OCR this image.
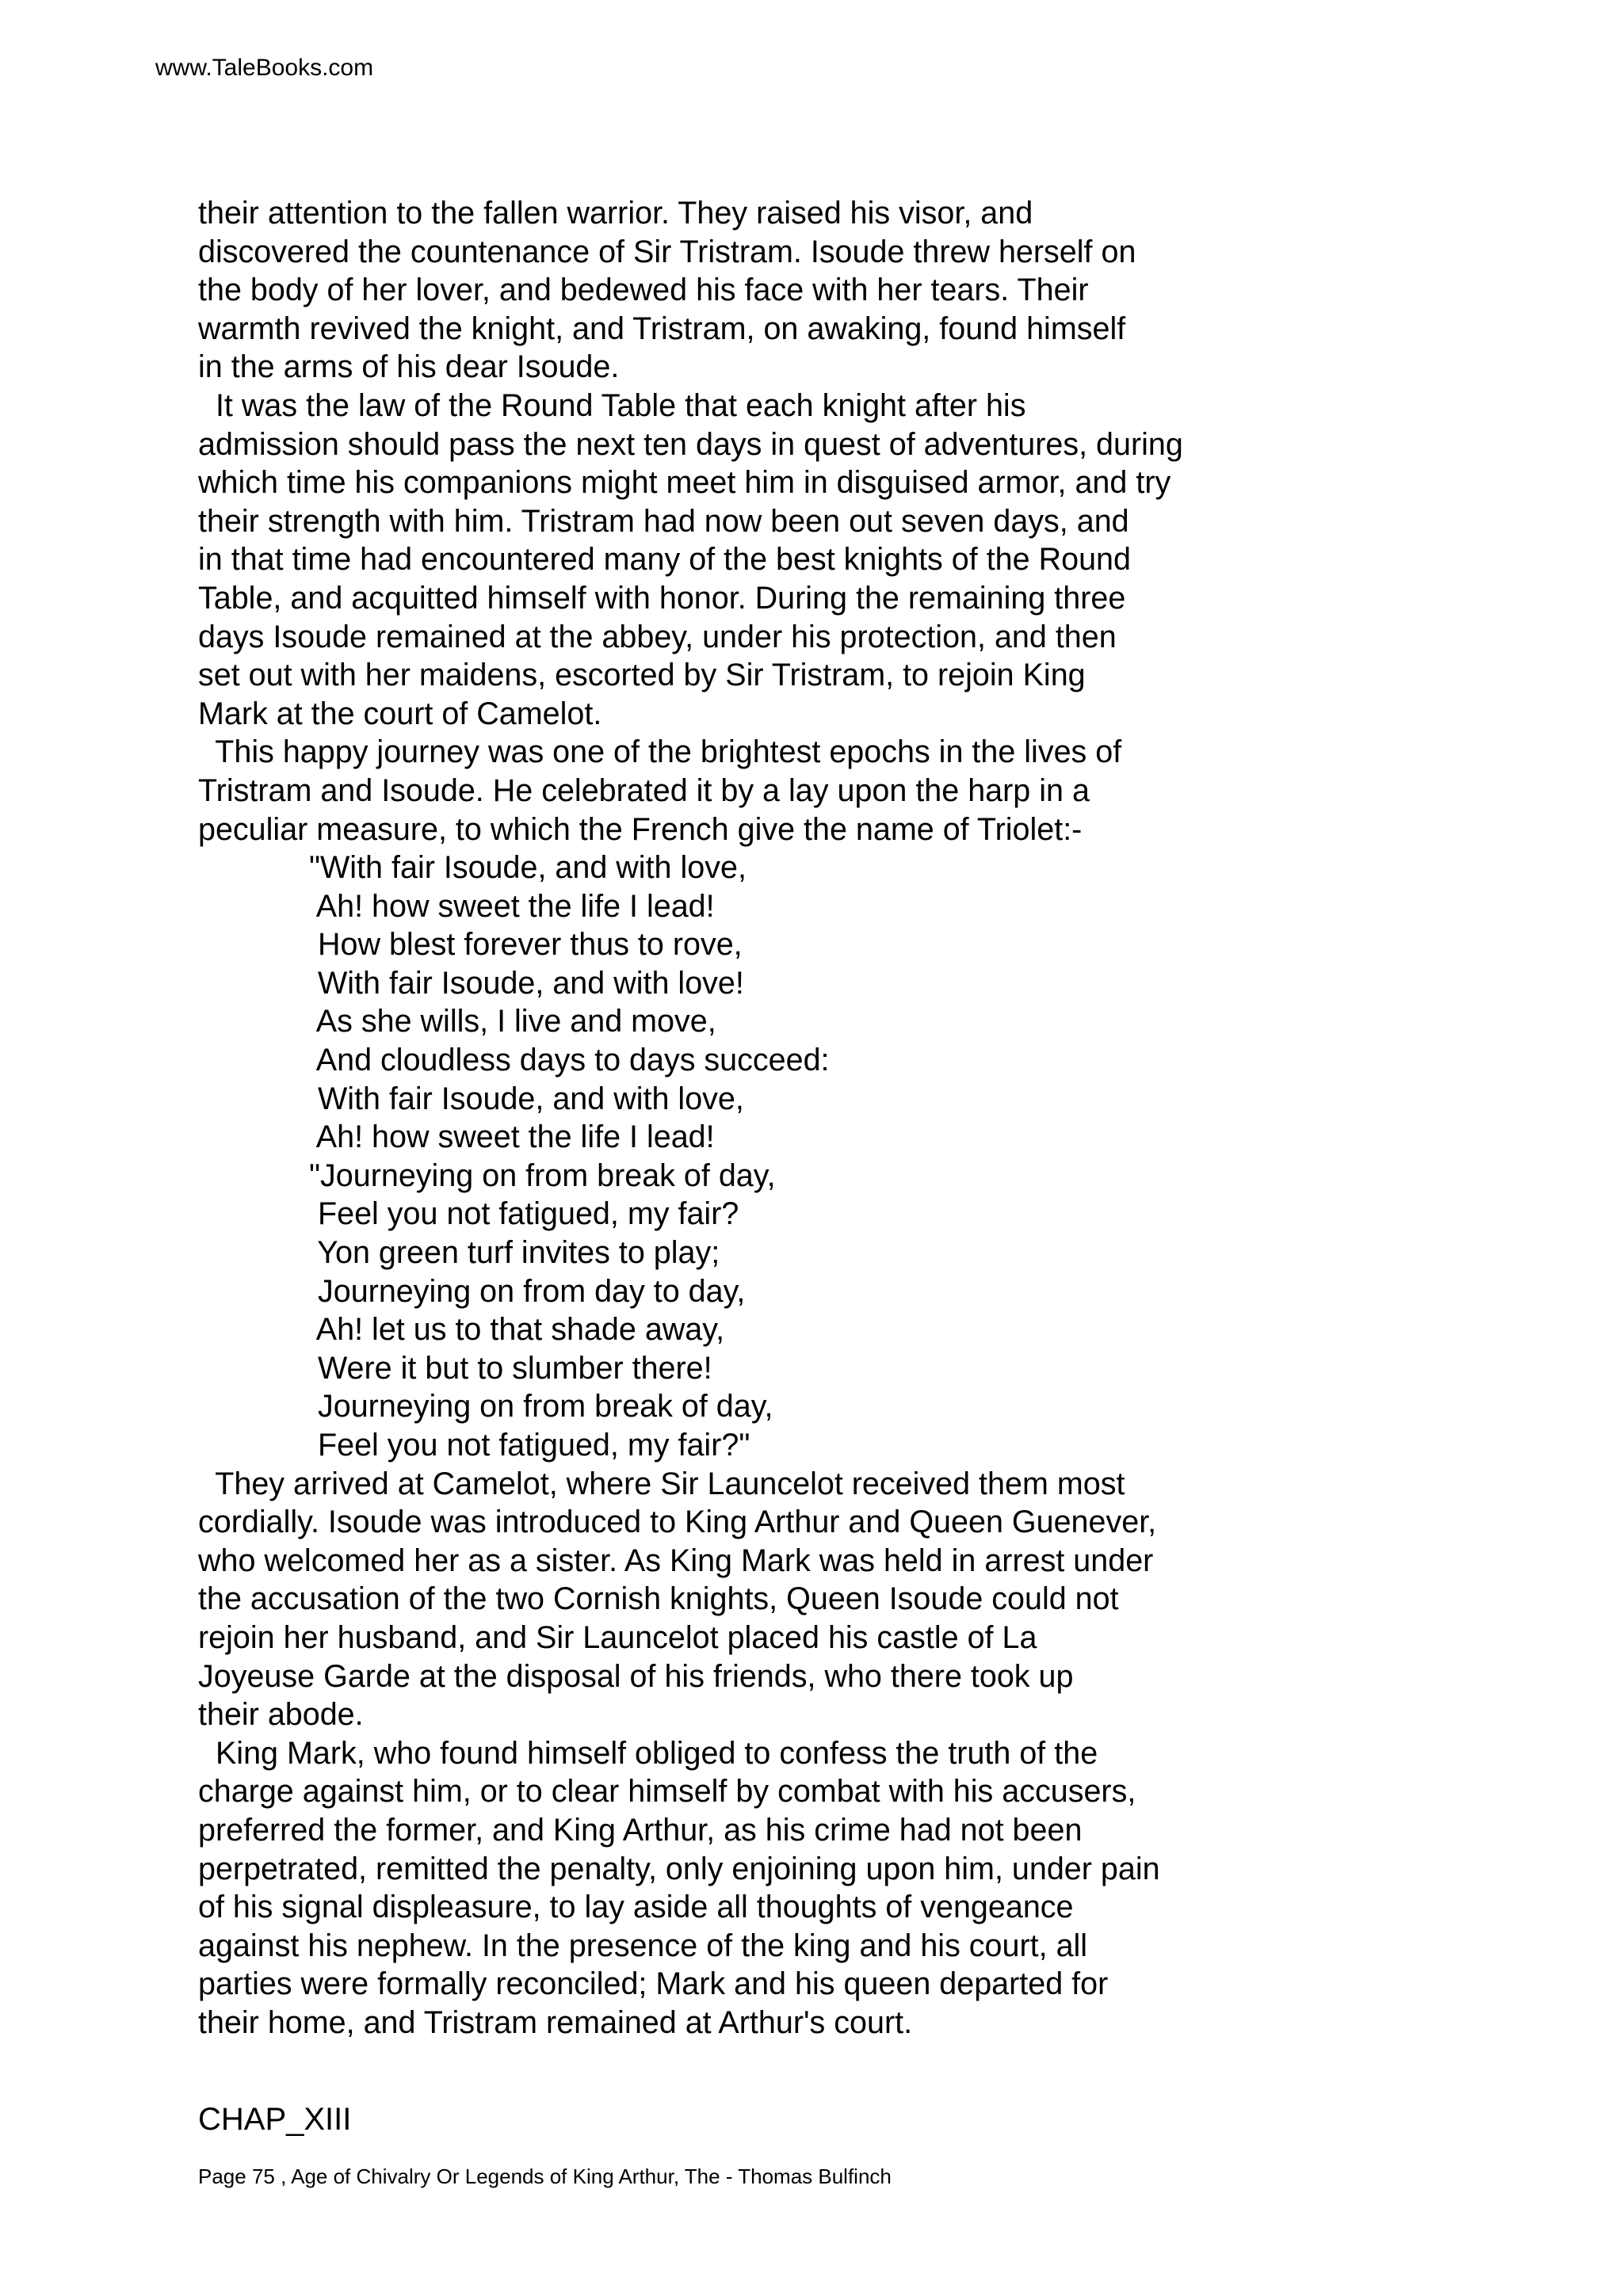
www.TaleBooks.com
their attention to the fallen warrior. They raised his visor, and
discovered the countenance of Sir Tristram. Isoude threw herself on
the body of her lover, and bedewed his face with her tears. Their
warmth revived the knight, and Tristram, on awaking, found himself
in the arms of his dear Isoude.
It was the law of the Round Table that each knight after his
admission should pass the next ten days in quest of adventures, during
which time his companions might meet him in disguised armor, and try
their strength with him. Tristram had now been out seven days, and
in that time had encountered many of the best knights of the Round
Table, and acquitted himself with honor. During the remaining three
days Isoude remained at the abbey, under his protection, and then
set out with her maidens, escorted by Sir Tristram, to rejoin King
Mark at the court of Camelot.
This happy journey was one of the brightest epochs in the lives of
Tristram and Isoude. He celebrated it by a lay upon the harp in a
peculiar measure, to which the French give the name of Triolet:-
"With fair Isoude, and with love,
Ah! how sweet the life I lead!
How blest forever thus to rove,
With fair Isoude, and with love!
As she wills, I live and move,
And cloudless days to days succeed:
With fair Isoude, and with love,
Ah! how sweet the life I lead!
"Journeying on from break of day,
Feel you not fatigued, my fair?
Yon green turf invites to play;
Journeying on from day to day,
Ah! let us to that shade away,
Were it but to slumber there!
Journeying on from break of day,
Feel you not fatigued, my fair?"
They arrived at Camelot, where Sir Launcelot received them most
cordially. Isoude was introduced to King Arthur and Queen Guenever,
who welcomed her as a sister. As King Mark was held in arrest under
the accusation of the two Cornish knights, Queen Isoude could not
rejoin her husband, and Sir Launcelot placed his castle of La
Joyeuse Garde at the disposal of his friends, who there took up
their abode.
King Mark, who found himself obliged to confess the truth of the
charge against him, or to clear himself by combat with his accusers,
preferred the former, and King Arthur, as his crime had not been
perpetrated, remitted the penalty, only enjoining upon him, under pain
of his signal displeasure, to lay aside all thoughts of vengeance
against his nephew. In the presence of the king and his court, all
parties were formally reconciled; Mark and his queen departed for
their home, and Tristram remained at Arthur's court.
CHAP_XIII
Page 75 , Age of Chivalry Or Legends of King Arthur, The - Thomas Bulfinch
